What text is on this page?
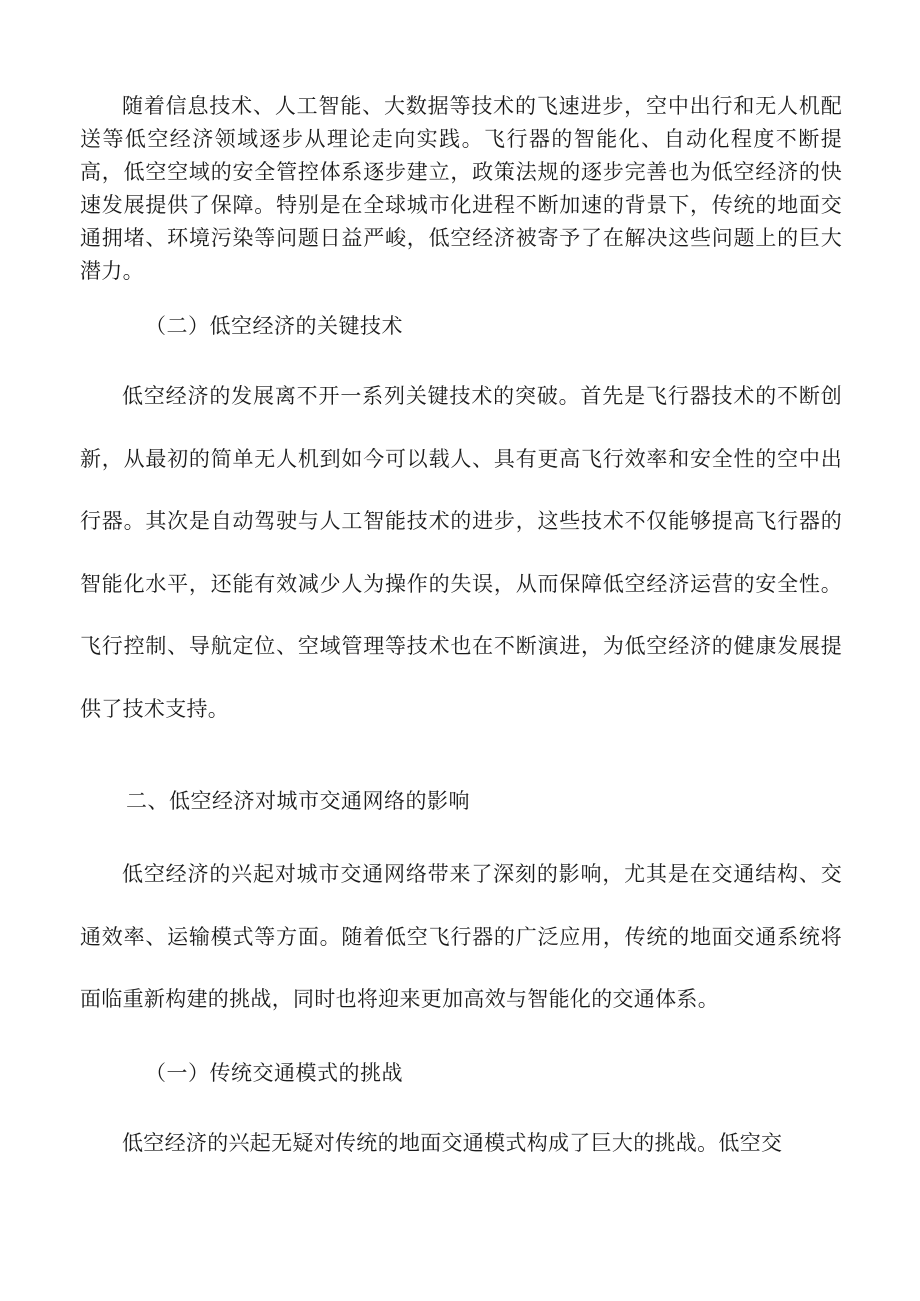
随着信息技术、人工智能、大数据等技术的飞速进步，空中出行和无人机配送等低空经济领域逐步从理论走向实践。飞行器的智能化、自动化程度不断提高，低空空域的安全管控体系逐步建立，政策法规的逐步完善也为低空经济的快速发展提供了保障。特别是在全球城市化进程不断加速的背景下，传统的地面交通拥堵、环境污染等问题日益严峻，低空经济被寄予了在解决这些问题上的巨大潜力。

（二）低空经济的关键技术

低空经济的发展离不开一系列关键技术的突破。首先是飞行器技术的不断创新，从最初的简单无人机到如今可以载人、具有更高飞行效率和安全性的空中出行器。其次是自动驾驶与人工智能技术的进步，这些技术不仅能够提高飞行器的智能化水平，还能有效减少人为操作的失误，从而保障低空经济运营的安全性。飞行控制、导航定位、空域管理等技术也在不断演进，为低空经济的健康发展提供了技术支持。

二、低空经济对城市交通网络的影响

低空经济的兴起对城市交通网络带来了深刻的影响，尤其是在交通结构、交通效率、运输模式等方面。随着低空飞行器的广泛应用，传统的地面交通系统将面临重新构建的挑战，同时也将迎来更加高效与智能化的交通体系。

（一）传统交通模式的挑战

低空经济的兴起无疑对传统的地面交通模式构成了巨大的挑战。低空交
